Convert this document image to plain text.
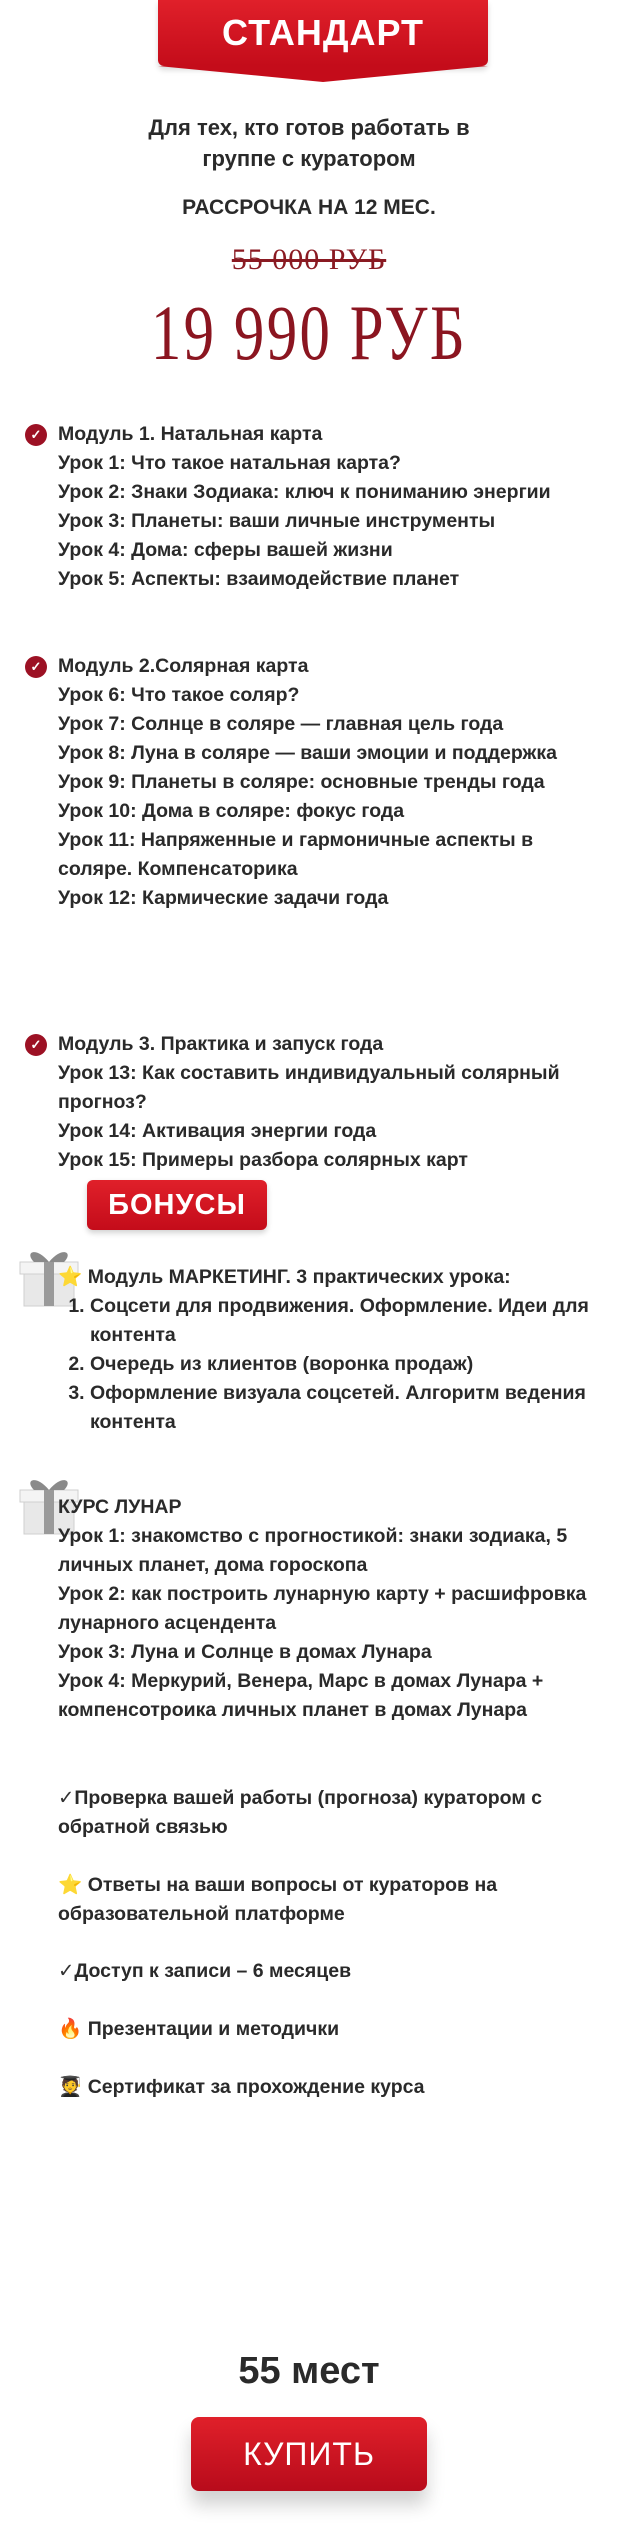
СТАНДАРТ
Для тех, кто готов работать в
группе с куратором
РАССРОЧКА НА 12 МЕС.
55 000 РУБ
19 990 РУБ
✓ Модуль 1. Натальная карта
Урок 1: Что такое натальная карта?
Урок 2: Знаки Зодиака: ключ к пониманию энергии
Урок 3: Планеты: ваши личные инструменты
Урок 4: Дома: сферы вашей жизни
Урок 5: Аспекты: взаимодействие планет
✓ Модуль 2.Солярная карта
Урок 6: Что такое соляр?
Урок 7: Солнце в соляре — главная цель года
Урок 8: Луна в соляре — ваши эмоции и поддержка
Урок 9: Планеты в соляре: основные тренды года
Урок 10: Дома в соляре: фокус года
Урок 11: Напряженные и гармоничные аспекты в соляре. Компенсаторика
Урок 12: Кармические задачи года
✓ Модуль 3. Практика и запуск года
Урок 13: Как составить индивидуальный солярный прогноз?
Урок 14: Активация энергии года
Урок 15: Примеры разбора солярных карт
БОНУСЫ
⭐ Модуль МАРКЕТИНГ. 3 практических урока:
1. Соцсети для продвижения. Оформление. Идеи для контента
2. Очередь из клиентов (воронка продаж)
3. Оформление визуала соцсетей. Алгоритм ведения контента
КУРС ЛУНАР
Урок 1: знакомство с прогностикой: знаки зодиака, 5 личных планет, дома гороскопа
Урок 2: как построить лунарную карту + расшифровка лунарного асцендента
Урок 3: Луна и Солнце в домах Лунара
Урок 4: Меркурий, Венера, Марс в домах Лунара + компенсотроика личных планет в домах Лунара
✓Проверка вашей работы (прогноза) куратором с обратной связью
⭐ Ответы на ваши вопросы от кураторов на образовательной платформе
✓Доступ к записи – 6 месяцев
🔥 Презентации и методички
🧑‍🎓 Сертификат за прохождение курса
55 мест
КУПИТЬ
